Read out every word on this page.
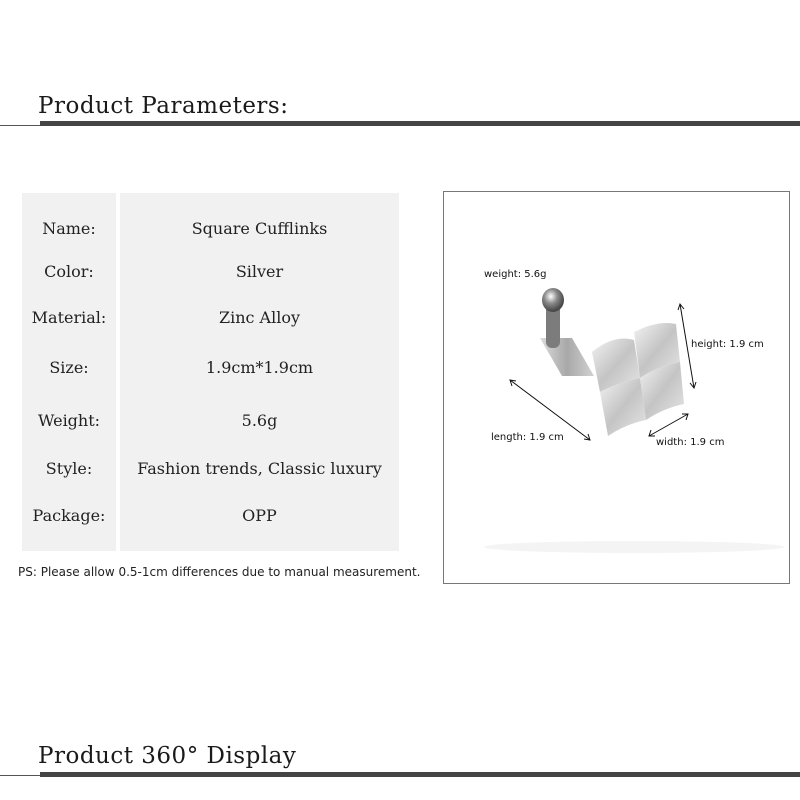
Product Parameters:
Name:	Square Cufflinks
Color:	Silver
Material:	Zinc Alloy
Size:	1.9cm*1.9cm
Weight:	5.6g
Style:	Fashion trends, Classic luxury
Package:	OPP
PS: Please allow 0.5-1cm differences due to manual measurement.
weight: 5.6g
height: 1.9 cm
length: 1.9 cm	width: 1.9 cm
Product 360° Display
